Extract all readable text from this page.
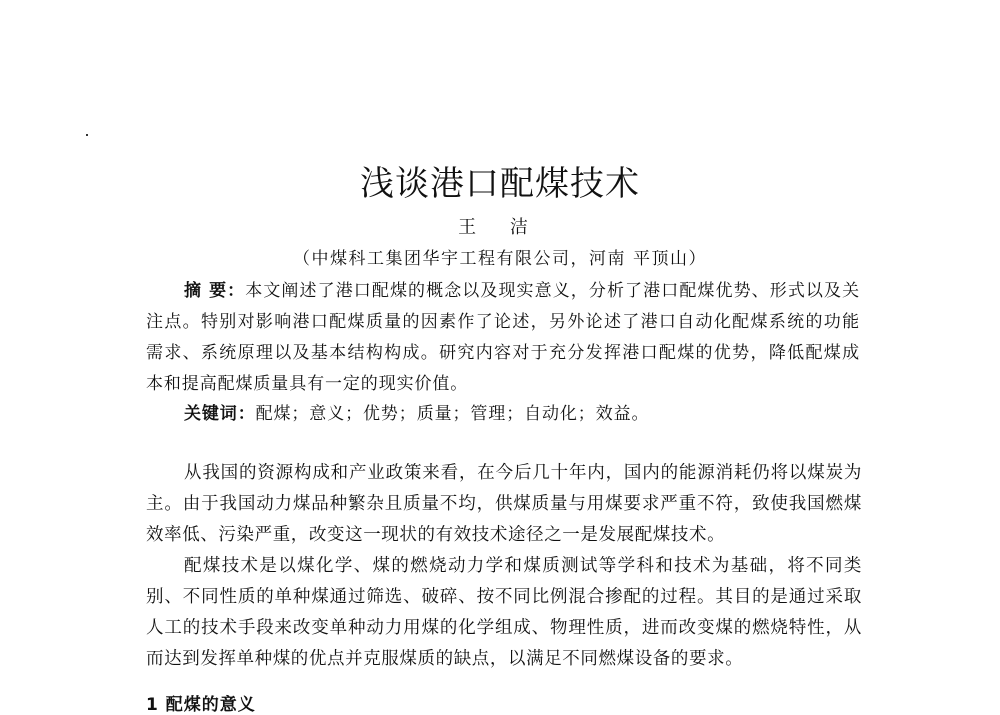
浅谈港口配煤技术
王 洁
（中煤科工集团华宇工程有限公司，河南 平顶山）
摘 要：本文阐述了港口配煤的概念以及现实意义，分析了港口配煤优势、形式以及关注点。特别对影响港口配煤质量的因素作了论述，另外论述了港口自动化配煤系统的功能需求、系统原理以及基本结构构成。研究内容对于充分发挥港口配煤的优势，降低配煤成本和提高配煤质量具有一定的现实价值。
关键词：配煤；意义；优势；质量；管理；自动化；效益。

从我国的资源构成和产业政策来看，在今后几十年内，国内的能源消耗仍将以煤炭为主。由于我国动力煤品种繁杂且质量不均，供煤质量与用煤要求严重不符，致使我国燃煤效率低、污染严重，改变这一现状的有效技术途径之一是发展配煤技术。

配煤技术是以煤化学、煤的燃烧动力学和煤质测试等学科和技术为基础，将不同类别、不同性质的单种煤通过筛选、破碎、按不同比例混合掺配的过程。其目的是通过采取人工的技术手段来改变单种动力用煤的化学组成、物理性质，进而改变煤的燃烧特性，从而达到发挥单种煤的优点并克服煤质的缺点，以满足不同燃煤设备的要求。

1 配煤的意义
